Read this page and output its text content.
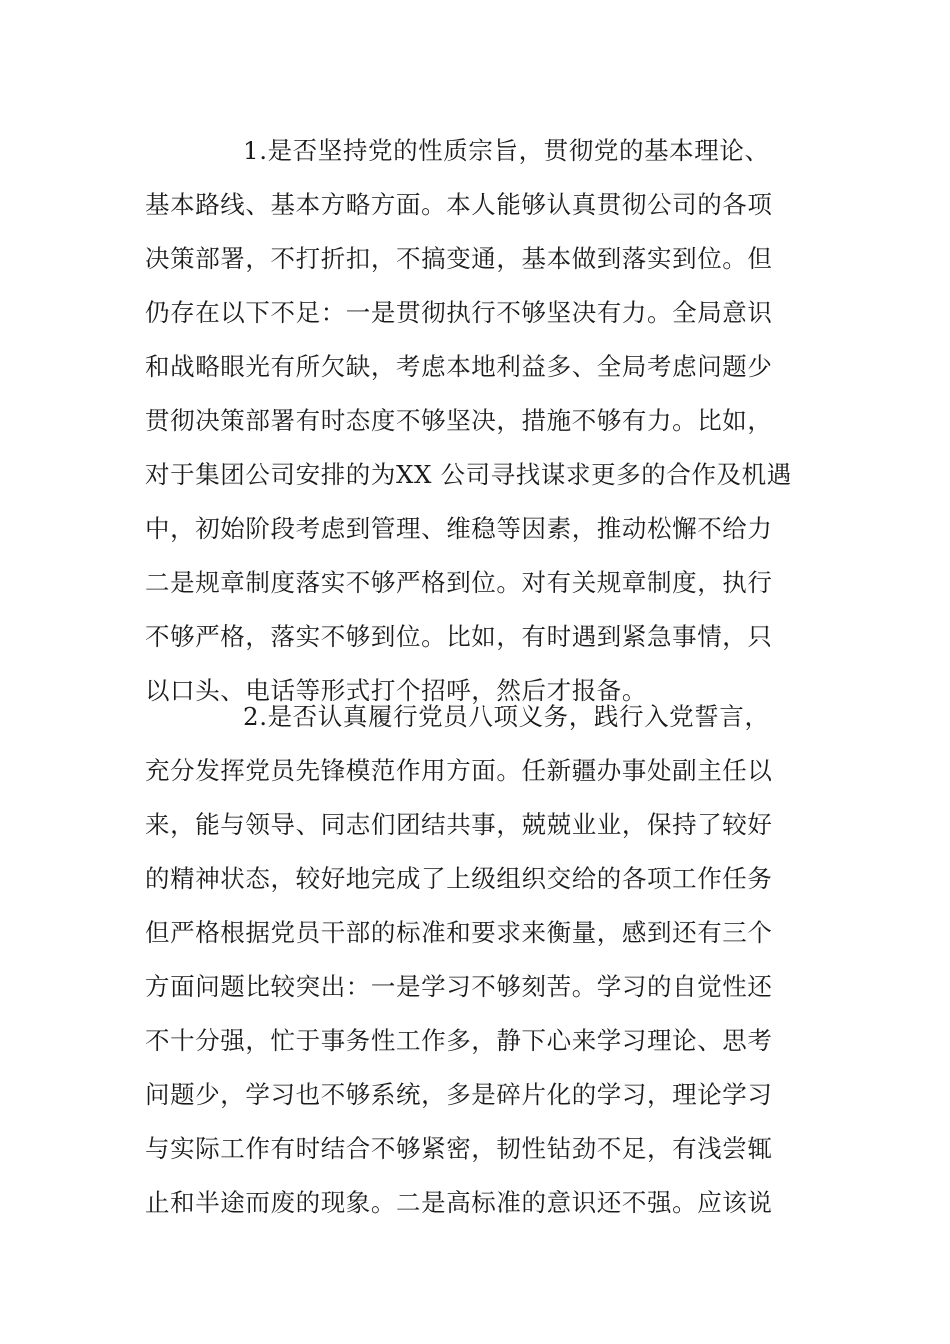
1.是否坚持党的性质宗旨，贯彻党的基本理论、
基本路线、基本方略方面。本人能够认真贯彻公司的各项
决策部署，不打折扣，不搞变通，基本做到落实到位。但
仍存在以下不足：一是贯彻执行不够坚决有力。全局意识
和战略眼光有所欠缺，考虑本地利益多、全局考虑问题少
贯彻决策部署有时态度不够坚决，措施不够有力。比如，
对于集团公司安排的为XX 公司寻找谋求更多的合作及机遇
中，初始阶段考虑到管理、维稳等因素，推动松懈不给力
二是规章制度落实不够严格到位。对有关规章制度，执行
不够严格，落实不够到位。比如，有时遇到紧急事情，只
以口头、电话等形式打个招呼，然后才报备。
2.是否认真履行党员八项义务，践行入党誓言，
充分发挥党员先锋模范作用方面。任新疆办事处副主任以
来，能与领导、同志们团结共事，兢兢业业，保持了较好
的精神状态，较好地完成了上级组织交给的各项工作任务
但严格根据党员干部的标准和要求来衡量，感到还有三个
方面问题比较突出：一是学习不够刻苦。学习的自觉性还
不十分强，忙于事务性工作多，静下心来学习理论、思考
问题少，学习也不够系统，多是碎片化的学习，理论学习
与实际工作有时结合不够紧密，韧性钻劲不足，有浅尝辄
止和半途而废的现象。二是高标准的意识还不强。应该说
